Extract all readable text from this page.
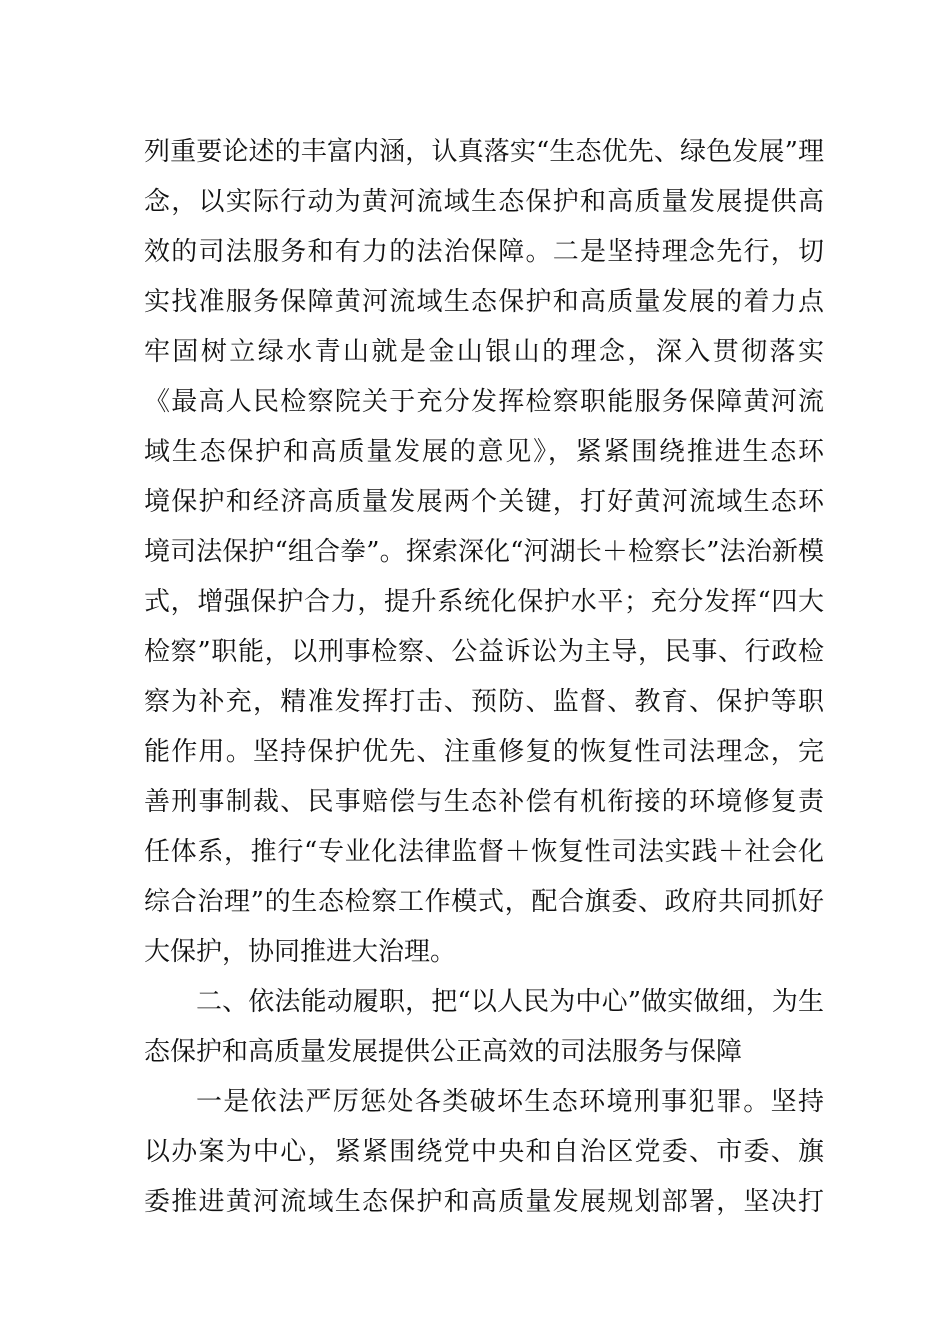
列重要论述的丰富内涵，认真落实“生态优先、绿色发展”理
念，以实际行动为黄河流域生态保护和高质量发展提供高
效的司法服务和有力的法治保障。二是坚持理念先行，切
实找准服务保障黄河流域生态保护和高质量发展的着力点
牢固树立绿水青山就是金山银山的理念，深入贯彻落实
《最高人民检察院关于充分发挥检察职能服务保障黄河流
域生态保护和高质量发展的意见》，紧紧围绕推进生态环
境保护和经济高质量发展两个关键，打好黄河流域生态环
境司法保护“组合拳”。探索深化“河湖长＋检察长”法治新模
式，增强保护合力，提升系统化保护水平；充分发挥“四大
检察”职能，以刑事检察、公益诉讼为主导，民事、行政检
察为补充，精准发挥打击、预防、监督、教育、保护等职
能作用。坚持保护优先、注重修复的恢复性司法理念，完
善刑事制裁、民事赔偿与生态补偿有机衔接的环境修复责
任体系，推行“专业化法律监督＋恢复性司法实践＋社会化
综合治理”的生态检察工作模式，配合旗委、政府共同抓好
大保护，协同推进大治理。
二、依法能动履职，把“以人民为中心”做实做细，为生
态保护和高质量发展提供公正高效的司法服务与保障
一是依法严厉惩处各类破坏生态环境刑事犯罪。坚持
以办案为中心，紧紧围绕党中央和自治区党委、市委、旗
委推进黄河流域生态保护和高质量发展规划部署，坚决打
